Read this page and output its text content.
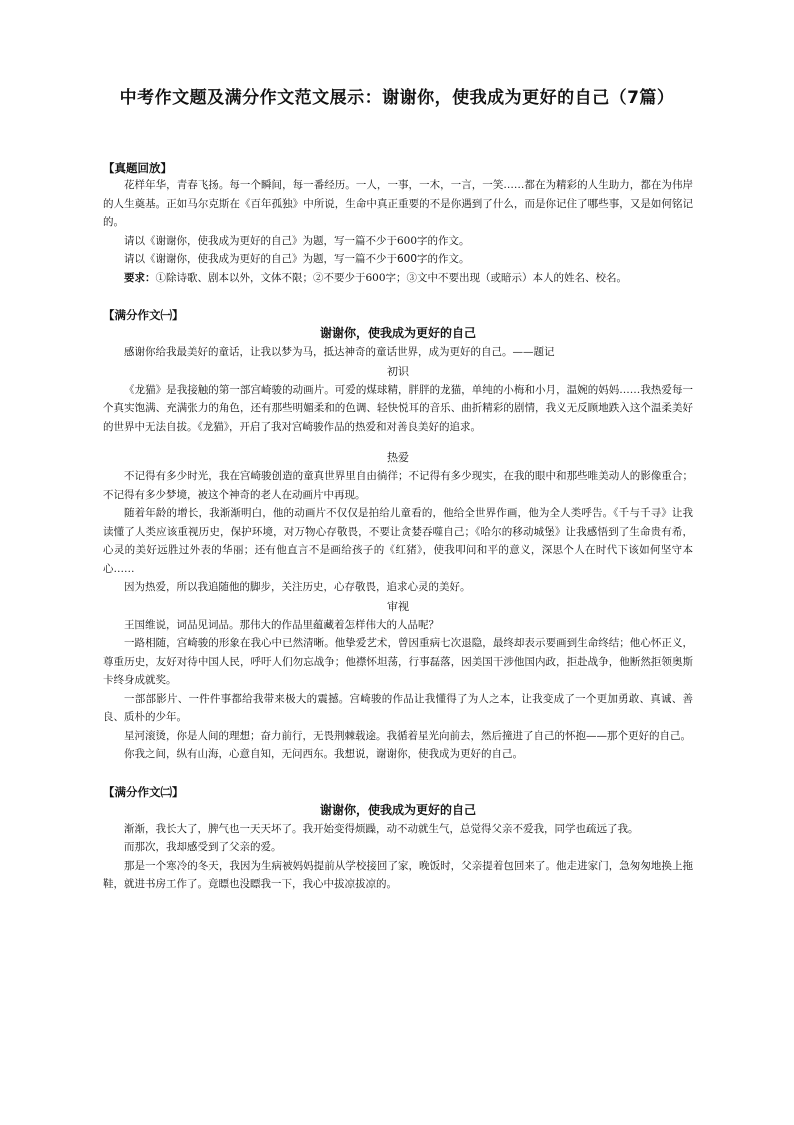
中考作文题及满分作文范文展示：谢谢你，使我成为更好的自己（7篇）

【真题回放】

花样年华，青春飞扬。每一个瞬间，每一番经历。一人，一事，一木，一言，一笑……都在为精彩的人生助力，都在为伟岸的人生奠基。正如马尔克斯在《百年孤独》中所说，生命中真正重要的不是你遇到了什么，而是你记住了哪些事，又是如何铭记的。

请以《谢谢你，使我成为更好的自己》为题，写一篇不少于600字的作文。

请以《谢谢你，使我成为更好的自己》为题，写一篇不少于600字的作文。

要求：①除诗歌、剧本以外，文体不限；②不要少于600字；③文中不要出现（或暗示）本人的姓名、校名。

【满分作文㈠】

谢谢你，使我成为更好的自己

感谢你给我最美好的童话，让我以梦为马，抵达神奇的童话世界，成为更好的自己。——题记

初识

《龙猫》是我接触的第一部宫崎骏的动画片。可爱的煤球精，胖胖的龙猫，单纯的小梅和小月，温婉的妈妈……我热爱每一个真实饱满、充满张力的角色，还有那些明媚柔和的色调、轻快悦耳的音乐、曲折精彩的剧情，我义无反顾地跌入这个温柔美好的世界中无法自拔。《龙猫》，开启了我对宫崎骏作品的热爱和对善良美好的追求。

热爱

不记得有多少时光，我在宫崎骏创造的童真世界里自由徜徉；不记得有多少现实，在我的眼中和那些唯美动人的影像重合；不记得有多少梦境，被这个神奇的老人在动画片中再现。

随着年龄的增长，我渐渐明白，他的动画片不仅仅是拍给儿童看的，他给全世界作画，他为全人类呼告。《千与千寻》让我读懂了人类应该重视历史，保护环境，对万物心存敬畏，不要让贪婪吞噬自己；《哈尔的移动城堡》让我感悟到了生命贵有希，心灵的美好远胜过外表的华丽；还有他直言不是画给孩子的《红猪》，使我叩问和平的意义，深思个人在时代下该如何坚守本心……

因为热爱，所以我追随他的脚步，关注历史，心存敬畏，追求心灵的美好。

审视

王国维说，词品见词品。那伟大的作品里蕴藏着怎样伟大的人品呢？

一路相随，宫崎骏的形象在我心中已然清晰。他挚爱艺术，曾因重病七次退隐，最终却表示要画到生命终结；他心怀正义，尊重历史，友好对待中国人民，呼吁人们勿忘战争；他襟怀坦荡，行事磊落，因美国干涉他国内政，拒赴战争，他断然拒领奥斯卡终身成就奖。

一部部影片、一件件事都给我带来极大的震撼。宫崎骏的作品让我懂得了为人之本，让我变成了一个更加勇敢、真诚、善良、质朴的少年。

星河滚烫，你是人间的理想；奋力前行，无畏荆棘载途。我循着星光向前去，然后撞进了自己的怀抱——那个更好的自己。

你我之间，纵有山海，心意自知，无问西东。我想说，谢谢你，使我成为更好的自己。

【满分作文㈡】

谢谢你，使我成为更好的自己

渐渐，我长大了，脾气也一天天坏了。我开始变得烦躁，动不动就生气，总觉得父亲不爱我，同学也疏远了我。

而那次，我却感受到了父亲的爱。

那是一个寒冷的冬天，我因为生病被妈妈提前从学校接回了家，晚饭时，父亲提着包回来了。他走进家门，急匆匆地换上拖鞋，就进书房工作了。竟瞟也没瞟我一下，我心中拔凉拔凉的。
